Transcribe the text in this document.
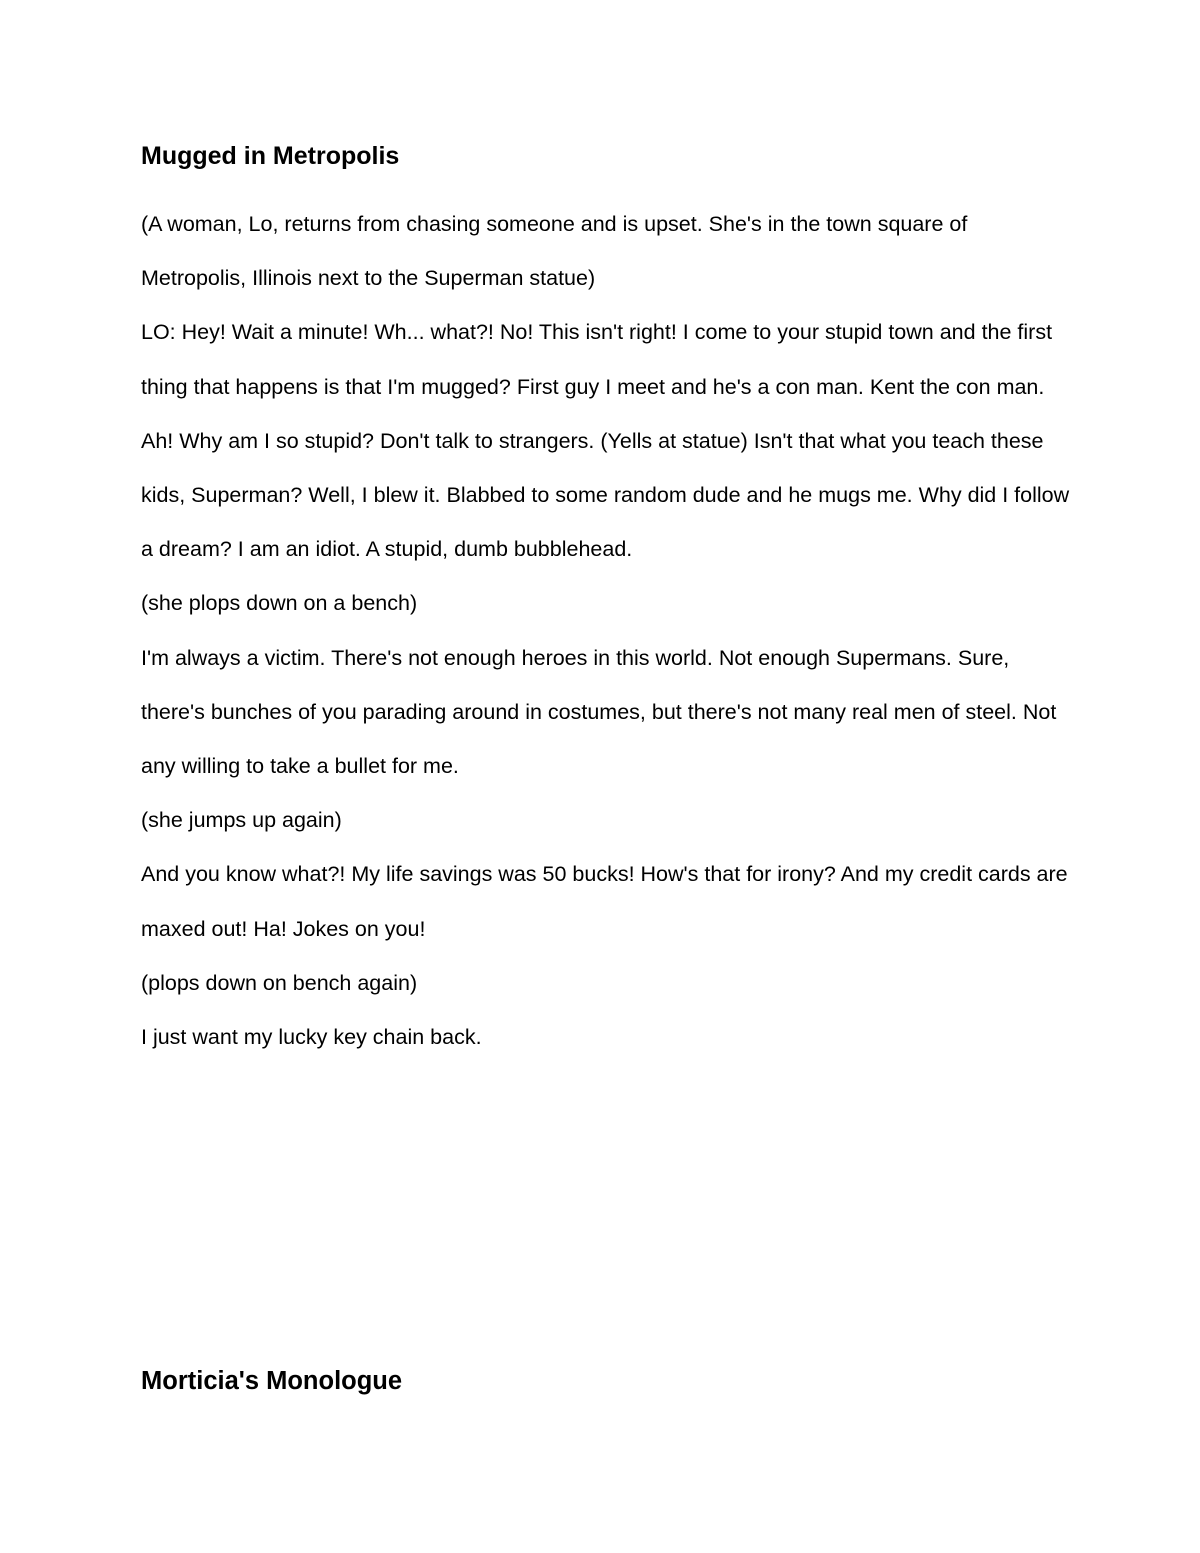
Mugged in Metropolis

(A woman, Lo, returns from chasing someone and is upset. She's in the town square of Metropolis, Illinois next to the Superman statue)

LO: Hey! Wait a minute! Wh... what?! No! This isn't right! I come to your stupid town and the first thing that happens is that I'm mugged? First guy I meet and he's a con man. Kent the con man. Ah! Why am I so stupid? Don't talk to strangers. (Yells at statue) Isn't that what you teach these kids, Superman? Well, I blew it. Blabbed to some random dude and he mugs me. Why did I follow a dream? I am an idiot. A stupid, dumb bubblehead.

(she plops down on a bench)

I'm always a victim. There's not enough heroes in this world. Not enough Supermans. Sure, there's bunches of you parading around in costumes, but there's not many real men of steel. Not any willing to take a bullet for me.

(she jumps up again)

And you know what?! My life savings was 50 bucks! How's that for irony? And my credit cards are maxed out! Ha! Jokes on you!

(plops down on bench again)

I just want my lucky key chain back.

Morticia's Monologue
